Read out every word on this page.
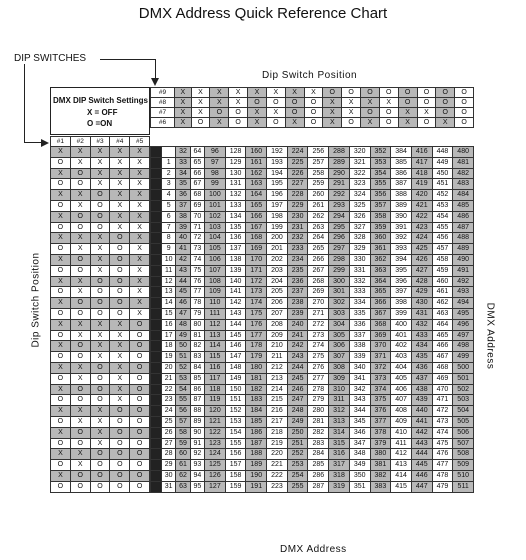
DMX Address Quick Reference Chart
DIP SWITCHES
Dip Switch Position
Dip Switch Position	DMX Address
DMX Address
DMX DIP Switch Settings
X = OFF
O =ON
#9	X	X	X	X	X	X	X	X	O	O	O	O	O	O	O	O
#8	X	X	X	X	O	O	O	O	X	X	X	X	O	O	O	O
#7	X	X	O	O	X	X	O	O	X	X	O	O	X	X	O	O
#6	X	O	X	O	X	O	X	O	X	O	X	O	X	O	X	O

#1	#2	#3	#4	#5
X	X	X	X	X
O	X	X	X	X
X	O	X	X	X
O	O	X	X	X
X	X	O	X	X
O	X	O	X	X
X	O	O	X	X
O	O	O	X	X
X	X	X	O	X
O	X	X	O	X
X	O	X	O	X
O	O	X	O	X
X	X	O	O	X
O	X	O	O	X
X	O	O	O	X
O	O	O	O	X
X	X	X	X	O
O	X	X	X	O
X	O	X	X	O
O	O	X	X	O
X	X	O	X	O
O	X	O	X	O
X	O	O	X	O
O	O	O	X	O
X	X	X	O	O
O	X	X	O	O
X	O	X	O	O
O	O	X	O	O
X	X	O	O	O
O	X	O	O	O
X	O	O	O	O
O	O	O	O	O
		32	64	96	128	160	192	224	256	288	320	352	384	416	448	480
	1	33	65	97	129	161	193	225	257	289	321	353	385	417	449	481
	2	34	66	98	130	162	194	226	258	290	322	354	386	418	450	482
	3	35	67	99	131	163	195	227	259	291	323	355	387	419	451	483
	4	36	68	100	132	164	196	228	260	292	324	356	388	420	452	484
	5	37	69	101	133	165	197	229	261	293	325	357	389	421	453	485
	6	38	70	102	134	166	198	230	262	294	326	358	390	422	454	486
	7	39	71	103	135	167	199	231	263	295	327	359	391	423	455	487
	8	40	72	104	136	168	200	232	264	296	328	360	392	424	456	488
	9	41	73	105	137	169	201	233	265	297	329	361	393	425	457	489
	10	42	74	106	138	170	202	234	266	298	330	362	394	426	458	490
	11	43	75	107	139	171	203	235	267	299	331	363	395	427	459	491
	12	44	76	108	140	172	204	236	268	300	332	364	396	428	460	492
	13	45	77	109	141	173	205	237	269	301	333	365	397	429	461	493
	14	46	78	110	142	174	206	238	270	302	334	366	398	430	462	494
	15	47	79	111	143	175	207	239	271	303	335	367	399	431	463	495
	16	48	80	112	144	176	208	240	272	304	336	368	400	432	464	496
	17	49	81	113	145	177	209	241	273	305	337	369	401	433	465	497
	18	50	82	114	146	178	210	242	274	306	338	370	402	434	466	498
	19	51	83	115	147	179	211	243	275	307	339	371	403	435	467	499
	20	52	84	116	148	180	212	244	276	308	340	372	404	436	468	500
	21	53	85	117	149	181	213	245	277	309	341	373	405	437	469	501
	22	54	86	118	150	182	214	246	278	310	342	374	406	438	470	502
	23	55	87	119	151	183	215	247	279	311	343	375	407	439	471	503
	24	56	88	120	152	184	216	248	280	312	344	376	408	440	472	504
	25	57	89	121	153	185	217	249	281	313	345	377	409	441	473	505
	26	58	90	122	154	186	218	250	282	314	346	378	410	442	474	506
	27	59	91	123	155	187	219	251	283	315	347	379	411	443	475	507
	28	60	92	124	156	188	220	252	284	316	348	380	412	444	476	508
	29	61	93	125	157	189	221	253	285	317	349	381	413	445	477	509
	30	62	94	126	158	190	222	254	286	318	350	382	414	446	478	510
	31	63	95	127	159	191	223	255	287	319	351	383	415	447	479	511
